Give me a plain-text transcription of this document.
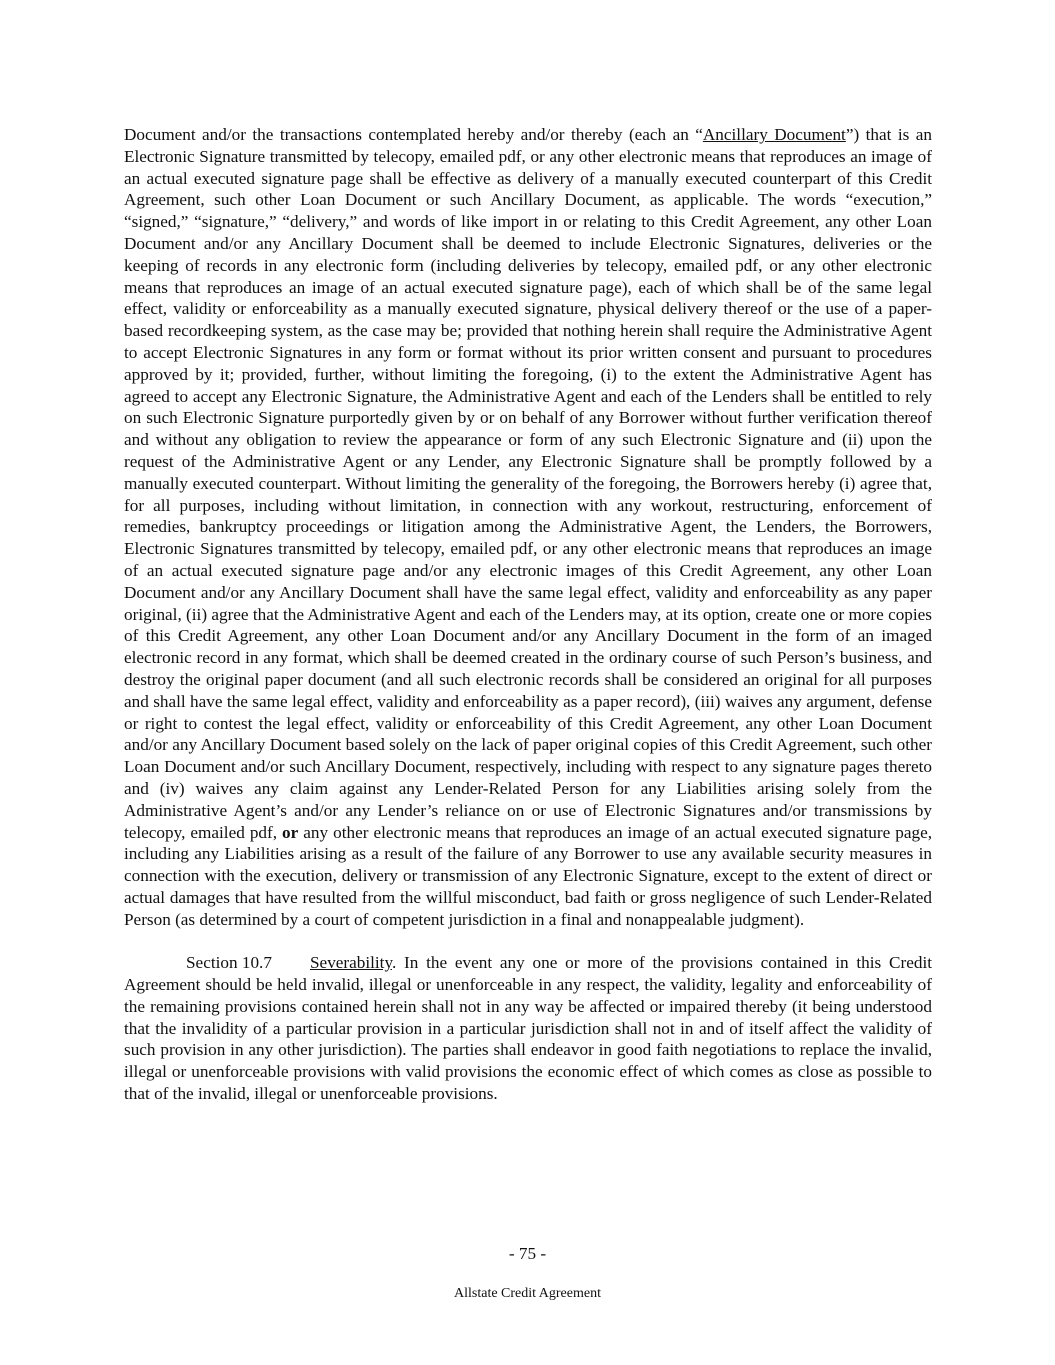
Document and/or the transactions contemplated hereby and/or thereby (each an “Ancillary Document”) that is an Electronic Signature transmitted by telecopy, emailed pdf, or any other electronic means that reproduces an image of an actual executed signature page shall be effective as delivery of a manually executed counterpart of this Credit Agreement, such other Loan Document or such Ancillary Document, as applicable. The words “execution,” “signed,” “signature,” “delivery,” and words of like import in or relating to this Credit Agreement, any other Loan Document and/or any Ancillary Document shall be deemed to include Electronic Signatures, deliveries or the keeping of records in any electronic form (including deliveries by telecopy, emailed pdf, or any other electronic means that reproduces an image of an actual executed signature page), each of which shall be of the same legal effect, validity or enforceability as a manually executed signature, physical delivery thereof or the use of a paper-based recordkeeping system, as the case may be; provided that nothing herein shall require the Administrative Agent to accept Electronic Signatures in any form or format without its prior written consent and pursuant to procedures approved by it; provided, further, without limiting the foregoing, (i) to the extent the Administrative Agent has agreed to accept any Electronic Signature, the Administrative Agent and each of the Lenders shall be entitled to rely on such Electronic Signature purportedly given by or on behalf of any Borrower without further verification thereof and without any obligation to review the appearance or form of any such Electronic Signature and (ii) upon the request of the Administrative Agent or any Lender, any Electronic Signature shall be promptly followed by a manually executed counterpart. Without limiting the generality of the foregoing, the Borrowers hereby (i) agree that, for all purposes, including without limitation, in connection with any workout, restructuring, enforcement of remedies, bankruptcy proceedings or litigation among the Administrative Agent, the Lenders, the Borrowers, Electronic Signatures transmitted by telecopy, emailed pdf, or any other electronic means that reproduces an image of an actual executed signature page and/or any electronic images of this Credit Agreement, any other Loan Document and/or any Ancillary Document shall have the same legal effect, validity and enforceability as any paper original, (ii) agree that the Administrative Agent and each of the Lenders may, at its option, create one or more copies of this Credit Agreement, any other Loan Document and/or any Ancillary Document in the form of an imaged electronic record in any format, which shall be deemed created in the ordinary course of such Person’s business, and destroy the original paper document (and all such electronic records shall be considered an original for all purposes and shall have the same legal effect, validity and enforceability as a paper record), (iii) waives any argument, defense or right to contest the legal effect, validity or enforceability of this Credit Agreement, any other Loan Document and/or any Ancillary Document based solely on the lack of paper original copies of this Credit Agreement, such other Loan Document and/or such Ancillary Document, respectively, including with respect to any signature pages thereto and (iv) waives any claim against any Lender-Related Person for any Liabilities arising solely from the Administrative Agent’s and/or any Lender’s reliance on or use of Electronic Signatures and/or transmissions by telecopy, emailed pdf, or any other electronic means that reproduces an image of an actual executed signature page, including any Liabilities arising as a result of the failure of any Borrower to use any available security measures in connection with the execution, delivery or transmission of any Electronic Signature, except to the extent of direct or actual damages that have resulted from the willful misconduct, bad faith or gross negligence of such Lender-Related Person (as determined by a court of competent jurisdiction in a final and nonappealable judgment).

Section 10.7 Severability. In the event any one or more of the provisions contained in this Credit Agreement should be held invalid, illegal or unenforceable in any respect, the validity, legality and enforceability of the remaining provisions contained herein shall not in any way be affected or impaired thereby (it being understood that the invalidity of a particular provision in a particular jurisdiction shall not in and of itself affect the validity of such provision in any other jurisdiction). The parties shall endeavor in good faith negotiations to replace the invalid, illegal or unenforceable provisions with valid provisions the economic effect of which comes as close as possible to that of the invalid, illegal or unenforceable provisions.

- 75 -
Allstate Credit Agreement
